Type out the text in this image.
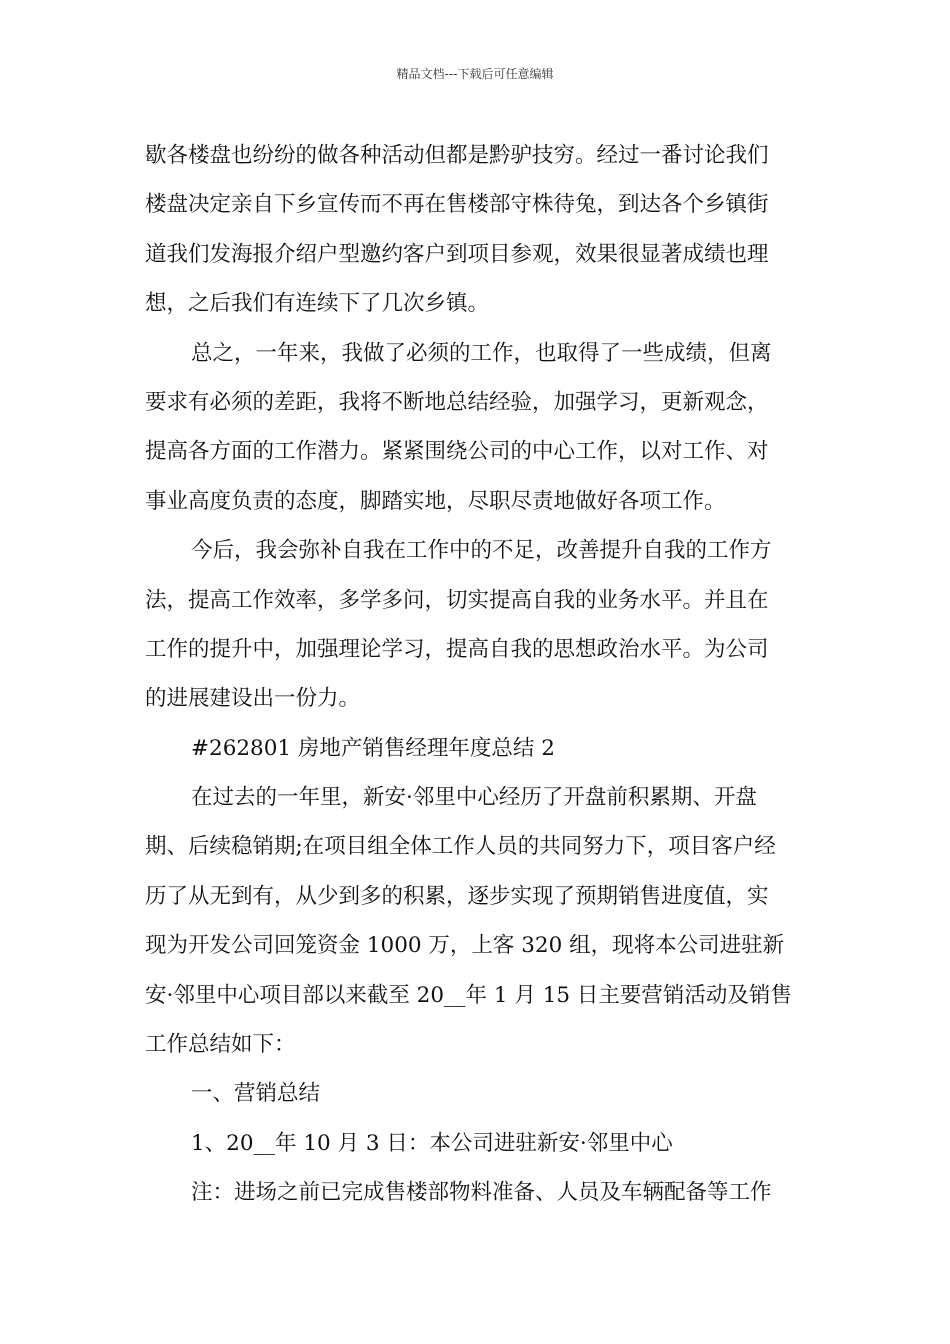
精品文档---下载后可任意编辑
歇各楼盘也纷纷的做各种活动但都是黔驴技穷。经过一番讨论我们
楼盘决定亲自下乡宣传而不再在售楼部守株待兔，到达各个乡镇街
道我们发海报介绍户型邀约客户到项目参观，效果很显著成绩也理
想，之后我们有连续下了几次乡镇。
总之，一年来，我做了必须的工作，也取得了一些成绩，但离
要求有必须的差距，我将不断地总结经验，加强学习，更新观念，
提高各方面的工作潜力。紧紧围绕公司的中心工作，以对工作、对
事业高度负责的态度，脚踏实地，尽职尽责地做好各项工作。
今后，我会弥补自我在工作中的不足，改善提升自我的工作方
法，提高工作效率，多学多问，切实提高自我的业务水平。并且在
工作的提升中，加强理论学习，提高自我的思想政治水平。为公司
的进展建设出一份力。
#262801 房地产销售经理年度总结 2
在过去的一年里，新安·邻里中心经历了开盘前积累期、开盘
期、后续稳销期;在项目组全体工作人员的共同努力下，项目客户经
历了从无到有，从少到多的积累，逐步实现了预期销售进度值，实
现为开发公司回笼资金 1000 万，上客 320 组，现将本公司进驻新
安·邻里中心项目部以来截至 20__年 1 月 15 日主要营销活动及销售
工作总结如下：
一、营销总结
1、20__年 10 月 3 日：本公司进驻新安·邻里中心
注：进场之前已完成售楼部物料准备、人员及车辆配备等工作
